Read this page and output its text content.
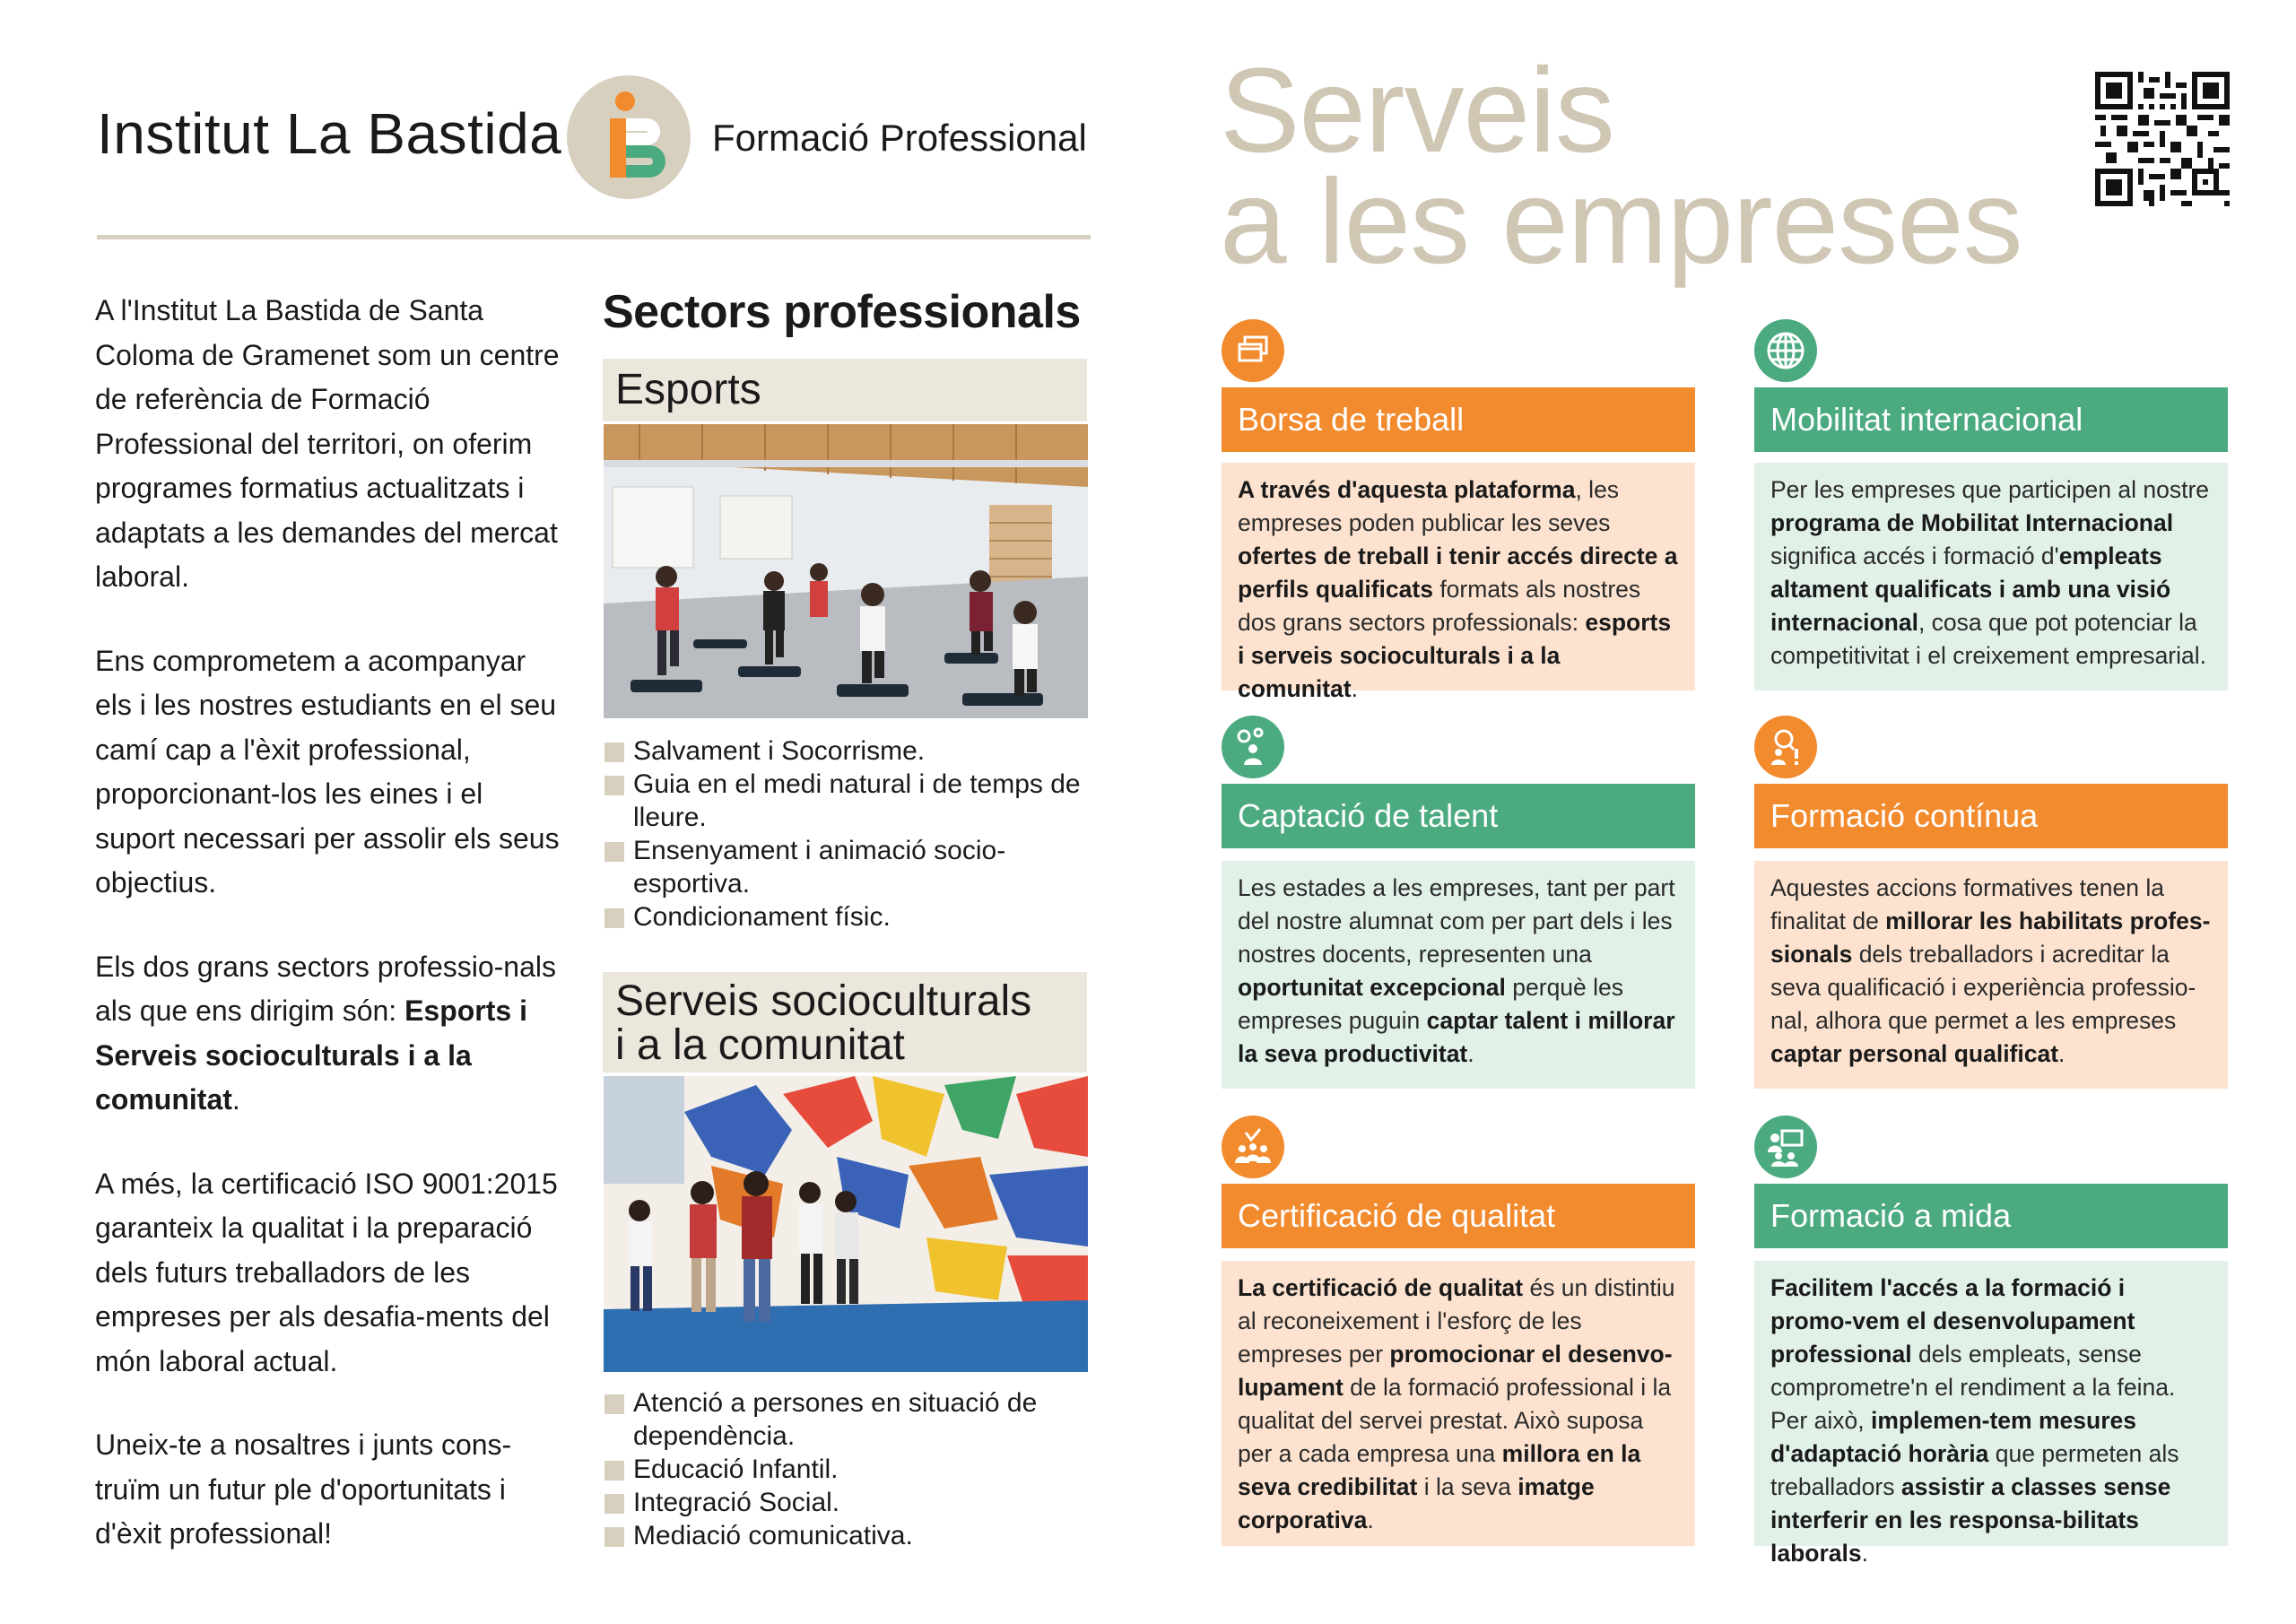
Institut La Bastida	Formació Professional

A l'Institut La Bastida de Santa Coloma de Gramenet som un centre de referència de Formació Professional del territori, on oferim programes formatius actualitzats i adaptats a les demandes del mercat laboral.

Ens comprometem a acompanyar els i les nostres estudiants en el seu camí cap a l'èxit professional, proporcionant-los les eines i el suport necessari per assolir els seus objectius.

Els dos grans sectors professio-nals als que ens dirigim són: Esports i Serveis socioculturals i a la comunitat.

A més, la certificació ISO 9001:2015 garanteix la qualitat i la preparació dels futurs treballadors de les empreses per als desafia-ments del món laboral actual.

Uneix-te a nosaltres i junts cons-truïm un futur ple d'oportunitats i d'èxit professional!

Sectors professionals
Esports
Salvament i Socorrisme.
Guia en el medi natural i de temps de lleure.
Ensenyament i animació socio-esportiva.
Condicionament físic.
Serveis socioculturals
i a la comunitat
Atenció a persones en situació de dependència.
Educació Infantil.
Integració Social.
Mediació comunicativa.
Serveis
a les empreses
Borsa de treball
A través d'aquesta plataforma, les empreses poden publicar les seves ofertes de treball i tenir accés directe a perfils qualificats formats als nostres dos grans sectors professionals: esports i serveis socioculturals i a la comunitat.
Mobilitat internacional
Per les empreses que participen al nostre programa de Mobilitat Internacional significa accés i formació d'empleats altament qualificats i amb una visió internacional, cosa que pot potenciar la competitivitat i el creixement empresarial.
Captació de talent
Les estades a les empreses, tant per part del nostre alumnat com per part dels i les nostres docents, representen una oportunitat excepcional perquè les empreses puguin captar talent i millorar la seva productivitat.
Formació contínua
Aquestes accions formatives tenen la finalitat de millorar les habilitats profes-sionals dels treballadors i acreditar la seva qualificació i experiència professio-nal, alhora que permet a les empreses captar personal qualificat.
Certificació de qualitat
La certificació de qualitat és un distintiu al reconeixement i l'esforç de les empreses per promocionar el desenvo-lupament de la formació professional i la qualitat del servei prestat. Això suposa per a cada empresa una millora en la seva credibilitat i la seva imatge corporativa.
Formació a mida
Facilitem l'accés a la formació i promo-vem el desenvolupament professional dels empleats, sense comprometre'n el rendiment a la feina. Per això, implemen-tem mesures d'adaptació horària que permeten als treballadors assistir a classes sense interferir en les responsa-bilitats laborals.
